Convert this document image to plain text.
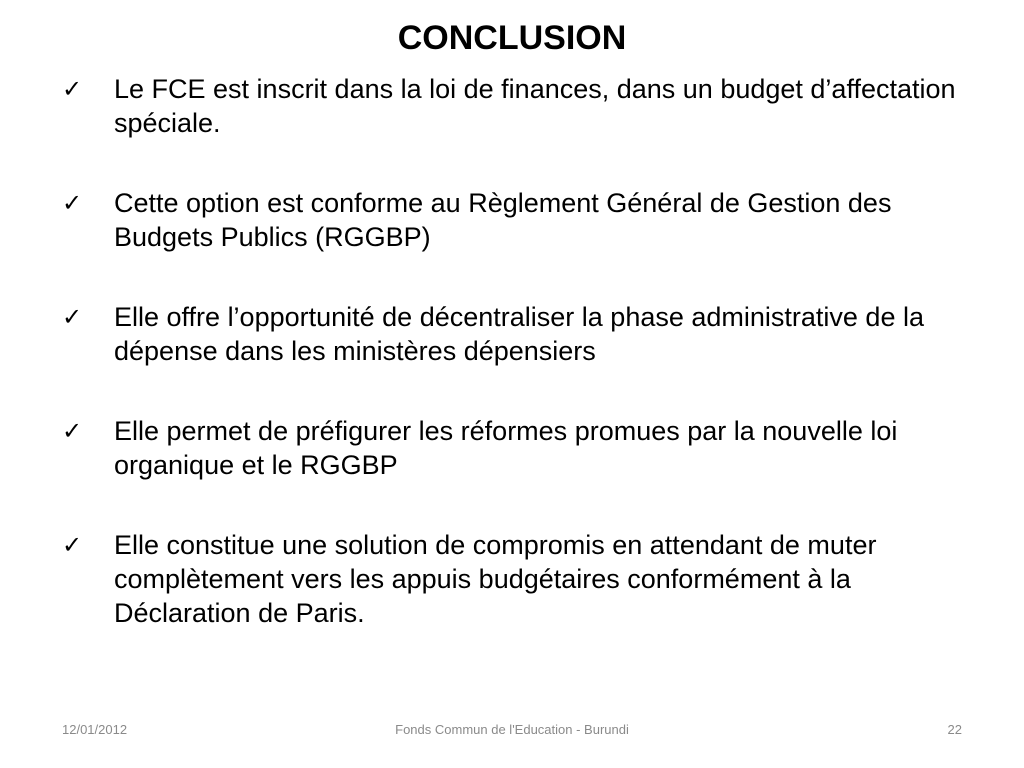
CONCLUSION
✓ Le FCE est inscrit dans la loi de finances, dans un budget d’affectation spéciale.
✓ Cette option est conforme au Règlement Général de Gestion des Budgets Publics (RGGBP)
✓ Elle offre l’opportunité de décentraliser la phase administrative de la dépense dans les ministères dépensiers
✓ Elle permet de préfigurer les réformes promues par la nouvelle loi organique et le RGGBP
✓ Elle constitue une solution de compromis en attendant de muter complètement vers les appuis budgétaires conformément à la Déclaration de Paris.
12/01/2012	Fonds Commun de l'Education - Burundi	22
